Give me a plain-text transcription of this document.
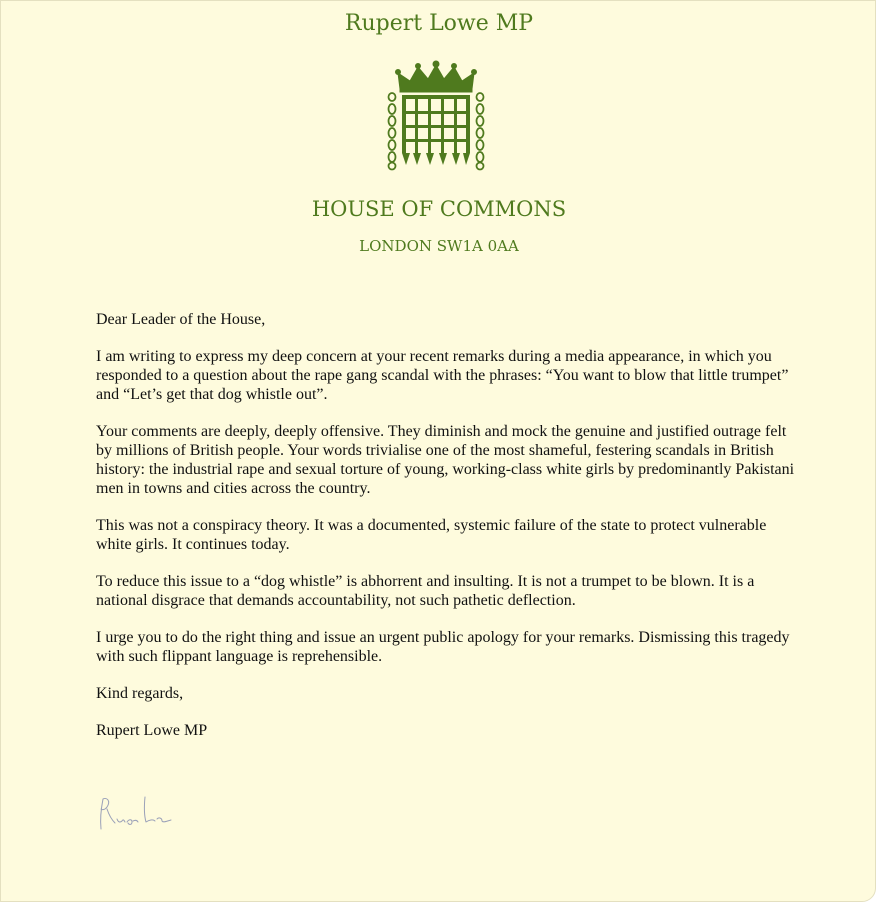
Rupert Lowe MP
HOUSE OF COMMONS
LONDON SW1A 0AA

Dear Leader of the House,

I am writing to express my deep concern at your recent remarks during a media appearance, in which you responded to a question about the rape gang scandal with the phrases: “You want to blow that little trumpet” and “Let’s get that dog whistle out”.

Your comments are deeply, deeply offensive. They diminish and mock the genuine and justified outrage felt by millions of British people. Your words trivialise one of the most shameful, festering scandals in British history: the industrial rape and sexual torture of young, working-class white girls by predominantly Pakistani men in towns and cities across the country.

This was not a conspiracy theory. It was a documented, systemic failure of the state to protect vulnerable white girls. It continues today.

To reduce this issue to a “dog whistle” is abhorrent and insulting. It is not a trumpet to be blown. It is a national disgrace that demands accountability, not such pathetic deflection.

I urge you to do the right thing and issue an urgent public apology for your remarks. Dismissing this tragedy with such flippant language is reprehensible.

Kind regards,

Rupert Lowe MP
